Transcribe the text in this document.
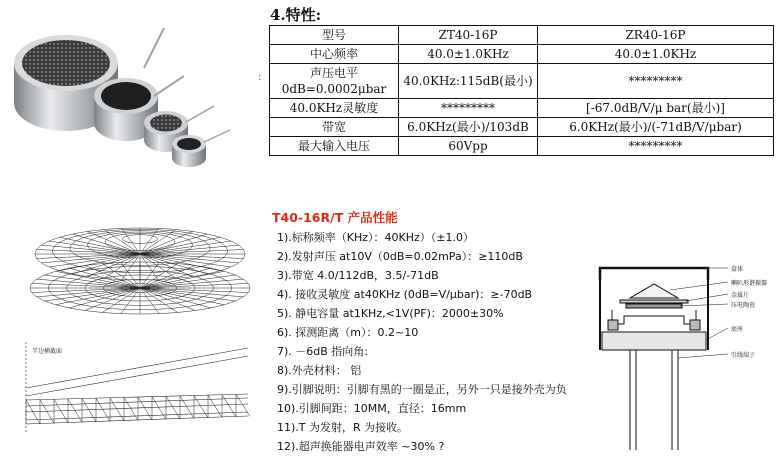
:
4.特性:
型号	ZT40-16P	ZR40-16P
中心频率	40.0±1.0KHz	40.0±1.0KHz

声压电平
0dB=0.0002μbar	40.0KHz:115dB(最小)	*********
40.0KHz灵敏度	*********	[-67.0dB/V/μ bar(最小)]
带宽	6.0KHz(最小)/103dB	6.0KHz(最小)/(-71dB/V/μbar)
最大输入电压	60Vpp	*********
半边横截面
T40-16R/T 产品性能
1).标称频率（KHz）：40KHz）（±1.0）
2).发射声压 at10V（0dB=0.02mPa）：≥110dB
3).带宽 4.0/112dB，3.5/-71dB
4). 接收灵敏度 at40KHz (0dB=V/μbar)：≥-70dB
5). 静电容量 at1KHz,<1V(PF)：2000±30%
6). 探测距离（m）：0.2~10
7). －6dB 指向角:
8).外壳材料： 铝
9).引脚说明：引脚有黑的一圈是正，另外一只是接外壳为负
10).引脚间距：10MM，直径：16mm
11).T 为发射，R 为接收。
12).超声换能器电声效率 ~30% ?
盒体
喇叭形谐振器
金属片
压电陶瓷
底座
引线端子
